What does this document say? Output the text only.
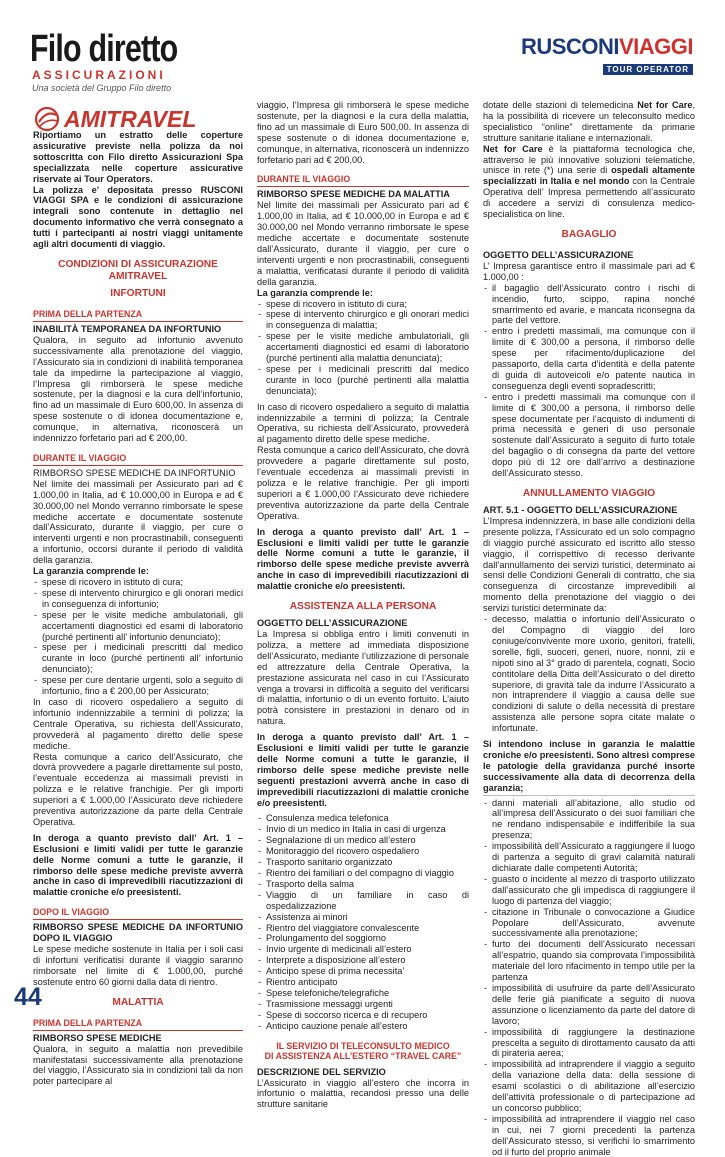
Filo diretto
ASSICURAZIONI
Una società del Gruppo Filo diretto
RUSCONIVIAGGI
TOUR OPERATOR
AMITRAVEL

Riportiamo un estratto delle coperture assicurative previste nella polizza da noi sottoscritta con Filo diretto Assicurazioni Spa specializzata nelle coperture assicurative riservate ai Tour Operators.

La polizza e’ depositata presso RUSCONI VIAGGI SPA e le condizioni di assicurazione integrali sono contenute in dettaglio nel documento informativo che verrà consegnato a tutti i partecipanti ai nostri viaggi unitamente agli altri documenti di viaggio.

CONDIZIONI DI ASSICURAZIONE AMITRAVEL

INFORTUNI

PRIMA DELLA PARTENZA

INABILITÀ TEMPORANEA DA INFORTUNIO

Qualora, in seguito ad infortunio avvenuto successivamente alla prenotazione del viaggio, l’Assicurato sia in condizioni di inabilità temporanea tale da impedirne la partecipazione al viaggio, l’Impresa gli rimborserà le spese mediche sostenute, per la diagnosi e la cura dell’infortunio, fino ad un massimale di Euro 600,00. In assenza di spese sostenute o di idonea documentazione e, comunque, in alternativa, riconoscerà un indennizzo forfetario pari ad € 200,00.

DURANTE IL VIAGGIO

RIMBORSO SPESE MEDICHE DA INFORTUNIO

Nel limite dei massimali per Assicurato pari ad € 1.000,00 in Italia, ad € 10.000,00 in Europa e ad € 30.000,00 nel Mondo verranno rimborsate le spese mediche accertate e documentate sostenute dall’Assicurato, durante il viaggio, per cure o interventi urgenti e non procrastinabili, conseguenti a infortunio, occorsi durante il periodo di validità della garanzia.

La garanzia comprende le:

- spese di ricovero in istituto di cura;
- spese di intervento chirurgico e gli onorari medici in conseguenza di infortunio;
- spese per le visite mediche ambulatoriali, gli accertamenti diagnostici ed esami di laboratorio (purché pertinenti all’ infortunio denunciato);
- spese per i medicinali prescritti dal medico curante in loco (purché pertinenti all’ infortunio denunciato);
- spese per cure dentarie urgenti, solo a seguito di infortunio, fino a € 200,00 per Assicurato;

In caso di ricovero ospedaliero a seguito di infortunio indennizzabile a termini di polizza; la Centrale Operativa, su richiesta dell’Assicurato, provvederà al pagamento diretto delle spese mediche.

Resta comunque a carico dell’Assicurato, che dovrà provvedere a pagarle direttamente sul posto, l’eventuale eccedenza ai massimali previsti in polizza e le relative franchigie. Per gli importi superiori a € 1.000,00 l’Assicurato deve richiedere preventiva autorizzazione da parte della Centrale Operativa.

In deroga a quanto previsto dall’ Art. 1 – Esclusioni e limiti validi per tutte le garanzie delle Norme comuni a tutte le garanzie, il rimborso delle spese mediche previste avverrà anche in caso di imprevedibili riacutizzazioni di malattie croniche e/o preesistenti.

DOPO IL VIAGGIO

RIMBORSO SPESE MEDICHE DA INFORTUNIO DOPO IL VIAGGIO

Le spese mediche sostenute in Italia per i soli casi di infortuni verificatisi durante il viaggio saranno rimborsate nel limite di € 1.000,00, purché sostenute entro 60 giorni dalla data di rientro.

MALATTIA

PRIMA DELLA PARTENZA

RIMBORSO SPESE MEDICHE

Qualora, in seguito a malattia non prevedibile manifestatasi successivamente alla prenotazione del viaggio, l’Assicurato sia in condizioni tali da non poter partecipare al

viaggio, l’Impresa gli rimborserà le spese mediche sostenute, per la diagnosi e la cura della malattia, fino ad un massimale di Euro 500,00. In assenza di spese sostenute o di idonea documentazione e, comunque, in alternativa, riconoscerà un indennizzo forfetario pari ad € 200,00.

DURANTE IL VIAGGIO

RIMBORSO SPESE MEDICHE DA MALATTIA

Nel limite dei massimali per Assicurato pari ad € 1.000,00 in Italia, ad € 10.000,00 in Europa e ad € 30.000,00 nel Mondo verranno rimborsate le spese mediche accertate e documentate sostenute dall’Assicurato, durante il viaggio, per cure o interventi urgenti e non procrastinabili, conseguenti a malattia, verificatasi durante il periodo di validità della garanzia.

La garanzia comprende le:

- spese di ricovero in istituto di cura;
- spese di intervento chirurgico e gli onorari medici in conseguenza di malattia;
- spese per le visite mediche ambulatoriali, gli accertamenti diagnostici ed esami di laboratorio (purché pertinenti alla malattia denunciata);
- spese per i medicinali prescritti dal medico curante in loco (purché pertinenti alla malattia denunciata);

In caso di ricovero ospedaliero a seguito di malattia indennizzabile a termini di polizza; la Centrale Operativa, su richiesta dell’Assicurato, provvederà al pagamento diretto delle spese mediche.

Resta comunque a carico dell’Assicurato, che dovrà provvedere a pagarle direttamente sul posto, l’eventuale eccedenza ai massimali previsti in polizza e le relative franchigie. Per gli importi superiori a € 1.000,00 l’Assicurato deve richiedere preventiva autorizzazione da parte della Centrale Operativa.

In deroga a quanto previsto dall’ Art. 1 – Esclusioni e limiti validi per tutte le garanzie delle Norme comuni a tutte le garanzie, il rimborso delle spese mediche previste avverrà anche in caso di imprevedibili riacutizzazioni di malattie croniche e/o preesistenti.

ASSISTENZA ALLA PERSONA

OGGETTO DELL’ASSICURAZIONE

La Impresa si obbliga entro i limiti convenuti in polizza, a mettere ad immediata disposizione dell’Assicurato, mediante l’utilizzazione di personale ed attrezzature della Centrale Operativa, la prestazione assicurata nel caso in cui l’Assicurato venga a trovarsi in difficoltà a seguito del verificarsi di malattia, infortunio o di un evento fortuito. L’aiuto potrà consistere in prestazioni in denaro od in natura.

In deroga a quanto previsto dall’ Art. 1 – Esclusioni e limiti validi per tutte le garanzie delle Norme comuni a tutte le garanzie, il rimborso delle spese mediche previste nelle seguenti prestazioni avverrà anche in caso di imprevedibili riacutizzazioni di malattie croniche e/o preesistenti.

- Consulenza medica telefonica
- Invio di un medico in Italia in casi di urgenza
- Segnalazione di un medico all’estero
- Monitoraggio del ricovero ospedaliero
- Trasporto sanitario organizzato
- Rientro dei familiari o del compagno di viaggio
- Trasporto della salma
- Viaggio di un familiare in caso di ospedalizzazione
- Assistenza ai minori
- Rientro del viaggiatore convalescente
- Prolungamento del soggiorno
- Invio urgente di medicinali all’estero
- Interprete a disposizione all’estero
- Anticipo spese di prima necessita’
- Rientro anticipato
- Spese telefoniche/telegrafiche
- Trasmissione messaggi urgenti
- Spese di soccorso ricerca e di recupero
- Anticipo cauzione penale all’estero

IL SERVIZIO DI TELECONSULTO MEDICO

DI ASSISTENZA ALL’ESTERO “TRAVEL CARE”

DESCRIZIONE DEL SERVIZIO

L’Assicurato in viaggio all’estero che incorra in infortunio o malattia, recandosi presso una delle strutture sanitarie

dotate delle stazioni di telemedicina Net for Care, ha la possibilità di ricevere un teleconsulto medico specialistico “online” direttamente da primarie strutture sanitarie italiane e internazionali.

Net for Care è la piattaforma tecnologica che, attraverso le più innovative soluzioni telematiche, unisce in rete (*) una serie di ospedali altamente specializzati in Italia e nel mondo con la Centrale Operativa dell’ Impresa permettendo all’assicurato di accedere a servizi di consulenza medico-specialistica on line.

BAGAGLIO

OGGETTO DELL’ASSICURAZIONE

L’ Impresa garantisce entro il massimale pari ad € 1.000,00 :

- il bagaglio dell’Assicurato contro i rischi di incendio, furto, scippo, rapina nonché smarrimento ed avarie, e mancata riconsegna da parte del vettore.
- entro i predetti massimali, ma comunque con il limite di € 300,00 a persona, il rimborso delle spese per rifacimento/duplicazione del passaporto, della carta d’identità e della patente di guida di autoveicoli e/o patente nautica in conseguenza degli eventi sopradescritti;
- entro i predetti massimali ma comunque con il limite di € 300,00 a persona, il rimborso delle spese documentate per l’acquisto di indumenti di prima necessità e generi di uso personale sostenute dall’Assicurato a seguito di furto totale del bagaglio o di consegna da parte del vettore dopo più di 12 ore dall’arrivo a destinazione dell’Assicurato stesso.

ANNULLAMENTO VIAGGIO

ART. 5.1 - OGGETTO DELL’ASSICURAZIONE

L’Impresa indennizzerà, in base alle condizioni della presente polizza, l’Assicurato ed un solo compagno di viaggio purché assicurato ed iscritto allo stesso viaggio, il corrispettivo di recesso derivante dall’annullamento dei servizi turistici, determinato ai sensi delle Condizioni Generali di contratto, che sia conseguenza di circostanze imprevedibili al momento della prenotazione del viaggio o dei servizi turistici determinate da:

- decesso, malattia o infortunio dell’Assicurato o del Compagno di viaggio del loro coniuge/convivente more uxorio, genitori, fratelli, sorelle, figli, suoceri, generi, nuore, nonni, zii e nipoti sino al 3° grado di parentela, cognati, Socio contitolare della Ditta dell’Assicurato o del diretto superiore, di gravità tale da indurre l’Assicurato a non intraprendere il viaggio a causa delle sue condizioni di salute o della necessità di prestare assistenza alle persone sopra citate malate o infortunate.

Si intendono incluse in garanzia le malattie croniche e/o preesistenti. Sono altresì comprese le patologie della gravidanza purché insorte successivamente alla data di decorrenza della garanzia;

- danni materiali all’abitazione, allo studio od all’impresa dell’Assicurato o dei suoi familiari che ne rendano indispensabile e indifferibile la sua presenza;
- impossibilità dell’Assicurato a raggiungere il luogo di partenza a seguito di gravi calamità naturali dichiarate dalle competenti Autorità;
- guasto o incidente al mezzo di trasporto utilizzato dall’assicurato che gli impedisca di raggiungere il luogo di partenza del viaggio;
- citazione in Tribunale o convocazione a Giudice Popolare dell’Assicurato, avvenute successivamente alla prenotazione;
- furto dei documenti dell’Assicurato necessari all’espatrio, quando sia comprovata l’impossibilità materiale del loro rifacimento in tempo utile per la partenza
- impossibilità di usufruire da parte dell’Assicurato delle ferie già pianificate a seguito di nuova assunzione o licenziamento da parte del datore di lavoro;
- impossibilità di raggiungere la destinazione prescelta a seguito di dirottamento causato da atti di pirateria aerea;
- impossibilità ad intraprendere il viaggio a seguito della variazione della data: della sessione di esami scolastici o di abilitazione all’esercizio dell’attività professionale o di partecipazione ad un concorso pubblico;
- impossibilità ad intraprendere il viaggio nel caso in cui, nei 7 giorni precedenti la partenza dell’Assicurato stesso, si verifichi lo smarrimento od il furto del proprio animale
44
